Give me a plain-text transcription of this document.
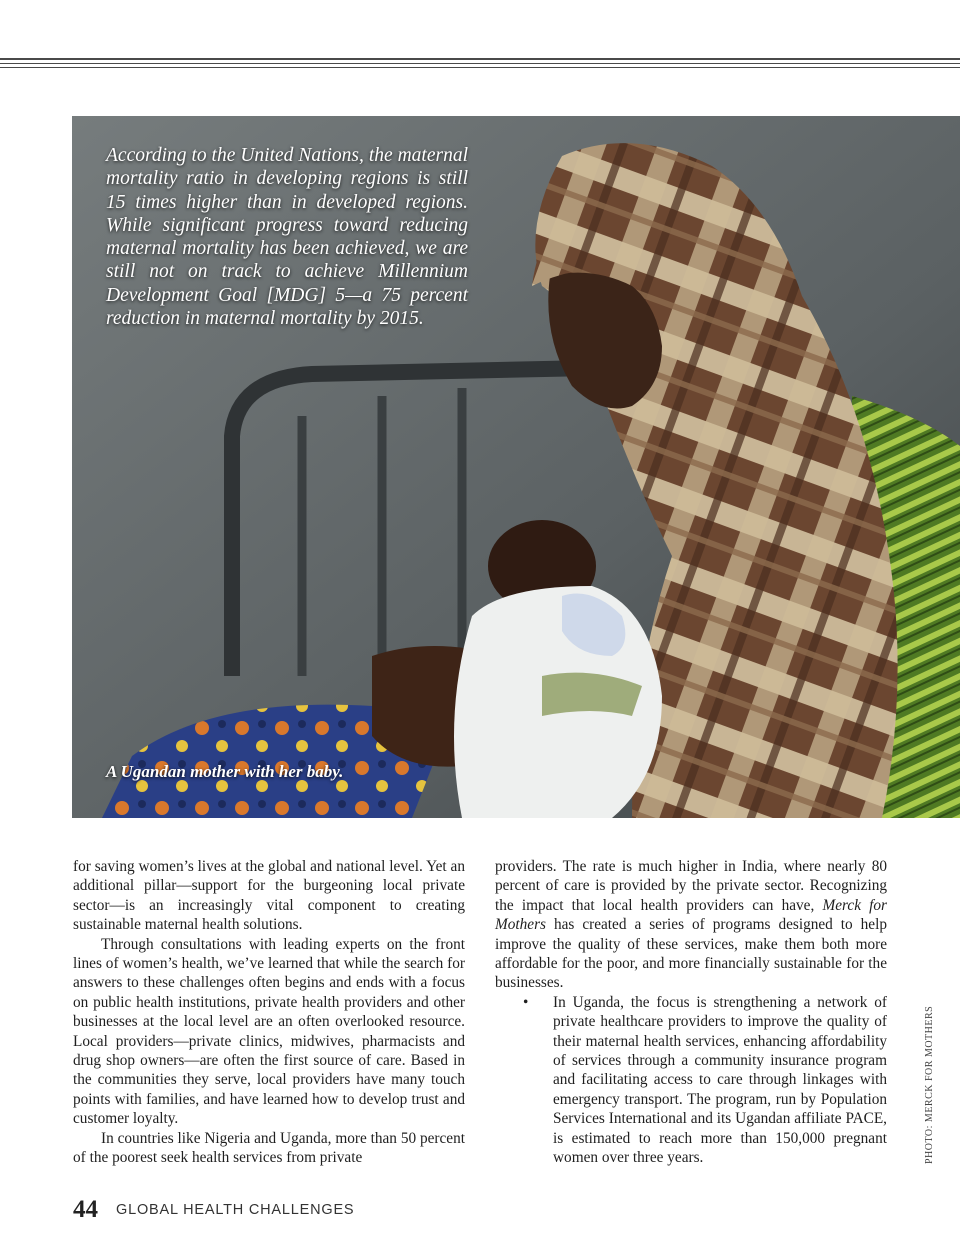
According to the United Nations, the maternal mortality ratio in developing regions is still 15 times higher than in developed regions. While significant progress toward reducing maternal mortality has been achieved, we are still not on track to achieve Millennium Development Goal [MDG] 5—a 75 percent reduction in maternal mortality by 2015.

A Ugandan mother with her baby.

for saving women’s lives at the global and national level. Yet an additional pillar—support for the burgeoning local private sector—is an increasingly vital component to creating sustainable maternal health solutions.

Through consultations with leading experts on the front lines of women’s health, we’ve learned that while the search for answers to these challenges often begins and ends with a focus on public health institutions, private health providers and other businesses at the local level are an often overlooked resource. Local providers—private clinics, midwives, pharmacists and drug shop owners—are often the first source of care. Based in the communities they serve, local providers have many touch points with families, and have learned how to develop trust and customer loyalty.

In countries like Nigeria and Uganda, more than 50 percent of the poorest seek health services from private

providers. The rate is much higher in India, where nearly 80 percent of care is provided by the private sector. Recognizing the impact that local health providers can have, Merck for Mothers has created a series of programs designed to help improve the quality of these services, make them both more affordable for the poor, and more financially sustainable for the businesses.

• In Uganda, the focus is strengthening a network of private healthcare providers to improve the quality of their maternal health services, enhancing affordability of services through a community insurance program and facilitating access to care through linkages with emergency transport. The program, run by Population Services International and its Ugandan affiliate PACE, is estimated to reach more than 150,000 pregnant women over three years.	PHOTO: MERCK FOR MOTHERS
44 GLOBAL HEALTH CHALLENGES
